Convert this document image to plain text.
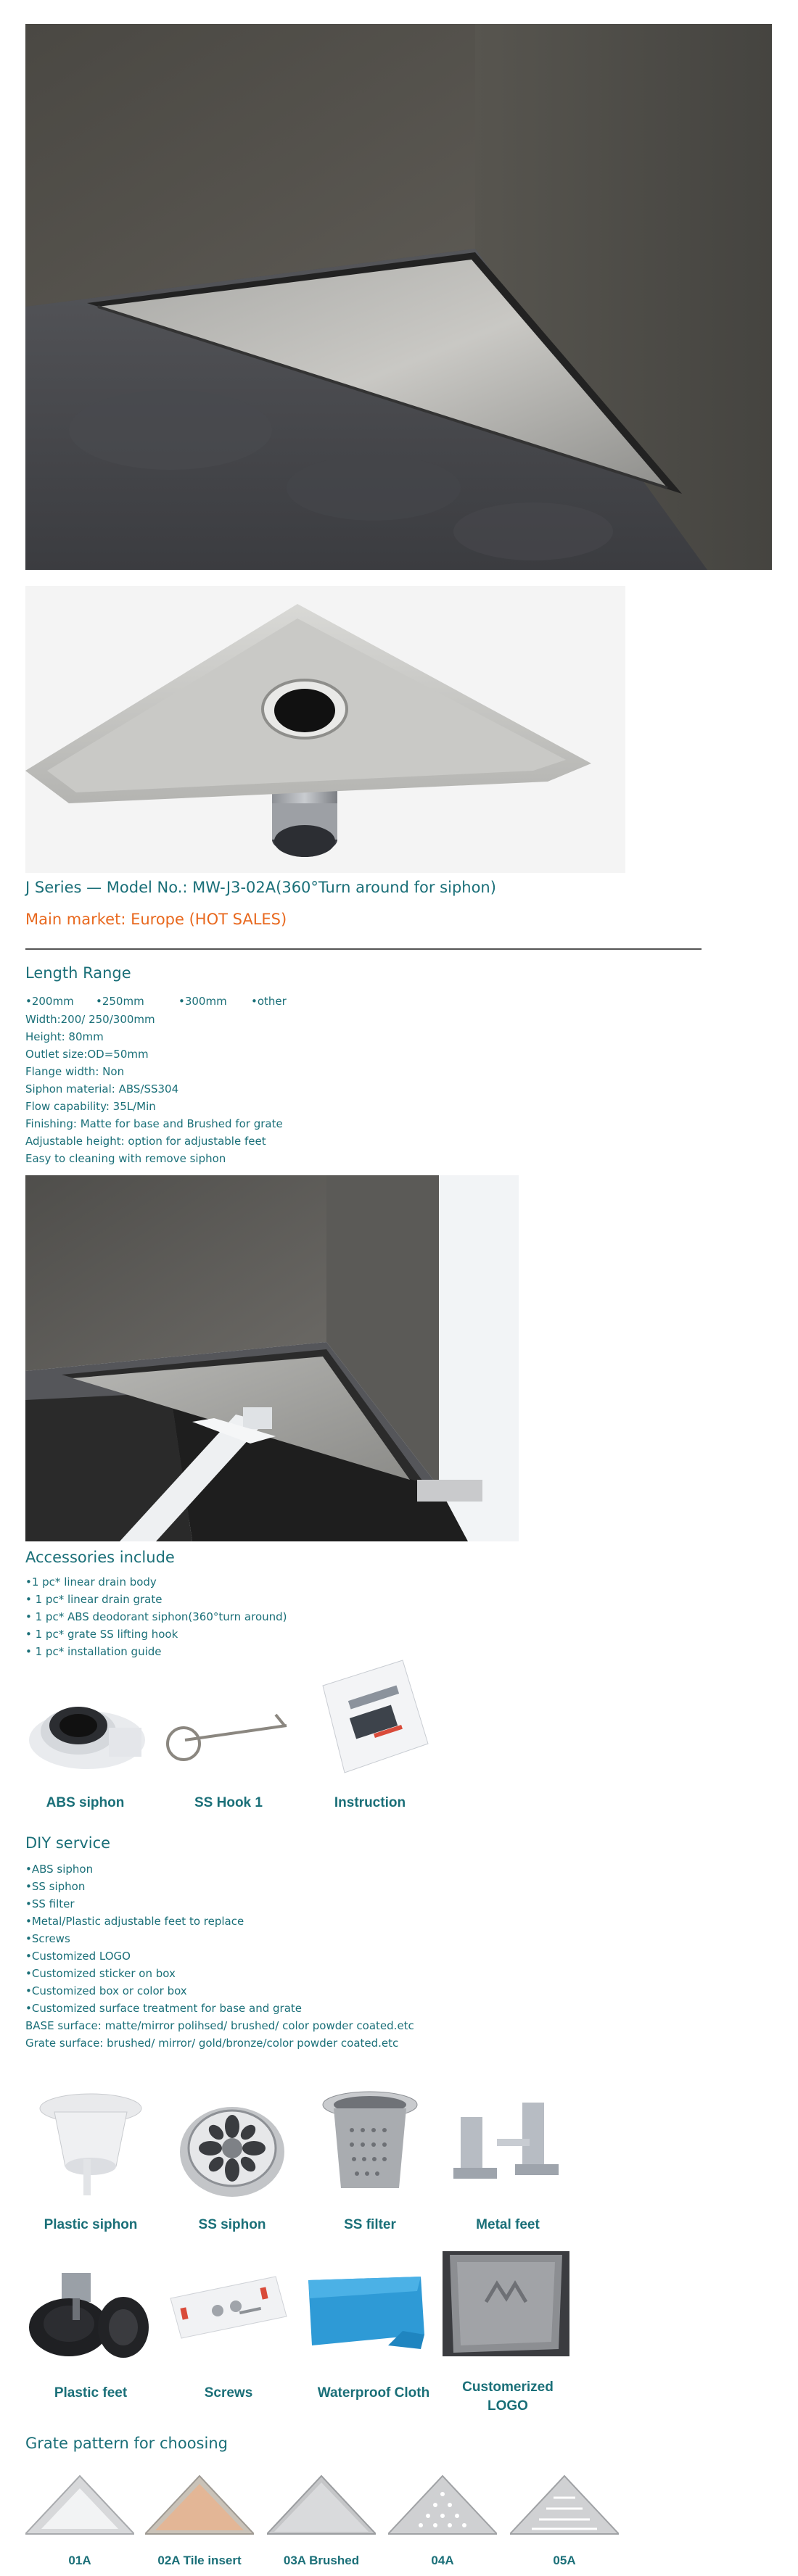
J Series — Model No.: MW-J3-02A(360°Turn around for siphon)
Main market: Europe (HOT SALES)
Length Range
•200mm •250mm	•300mm •other
Width:200/ 250/300mm
Height: 80mm
Outlet size:OD=50mm
Flange width: Non
Siphon material: ABS/SS304
Flow capability: 35L/Min
Finishing: Matte for base and Brushed for grate
Adjustable height: option for adjustable feet
Easy to cleaning with remove siphon
Accessories include
•1 pc* linear drain body
• 1 pc* linear drain grate
• 1 pc* ABS deodorant siphon(360°turn around)
• 1 pc* grate SS lifting hook
• 1 pc* installation guide
ABS siphon	SS Hook 1	Instruction
DIY service
•ABS siphon
•SS siphon
•SS filter
•Metal/Plastic adjustable feet to replace
•Screws
•Customized LOGO
•Customized sticker on box
•Customized box or color box
•Customized surface treatment for base and grate
BASE surface: matte/mirror polihsed/ brushed/ color powder coated.etc
Grate surface: brushed/ mirror/ gold/bronze/color powder coated.etc
Plastic siphon	SS siphon	SS filter	Metal feet
Plastic feet	Screws	Waterproof Cloth	Customerized LOGO
Grate pattern for choosing
01A	02A Tile insert	03A Brushed	04A	05A
